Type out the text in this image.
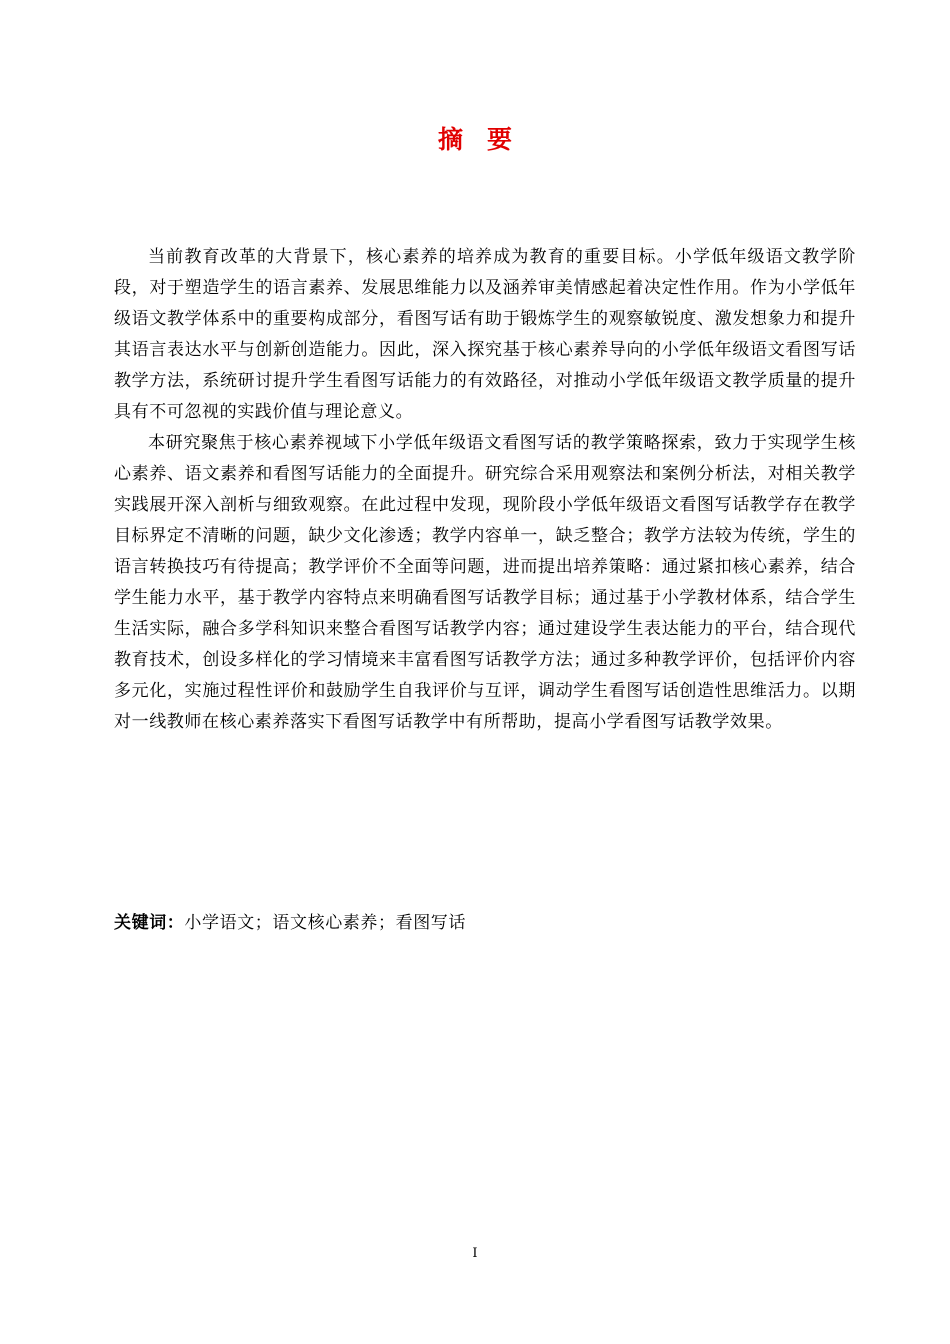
摘要

当前教育改革的大背景下，核心素养的培养成为教育的重要目标。小学低年级语文教学阶段，对于塑造学生的语言素养、发展思维能力以及涵养审美情感起着决定性作用。作为小学低年级语文教学体系中的重要构成部分，看图写话有助于锻炼学生的观察敏锐度、激发想象力和提升其语言表达水平与创新创造能力。因此，深入探究基于核心素养导向的小学低年级语文看图写话教学方法，系统研讨提升学生看图写话能力的有效路径，对推动小学低年级语文教学质量的提升具有不可忽视的实践价值与理论意义。

本研究聚焦于核心素养视域下小学低年级语文看图写话的教学策略探索，致力于实现学生核心素养、语文素养和看图写话能力的全面提升。研究综合采用观察法和案例分析法，对相关教学实践展开深入剖析与细致观察。在此过程中发现，现阶段小学低年级语文看图写话教学存在教学目标界定不清晰的问题，缺少文化渗透；教学内容单一，缺乏整合；教学方法较为传统，学生的语言转换技巧有待提高；教学评价不全面等问题，进而提出培养策略：通过紧扣核心素养，结合学生能力水平，基于教学内容特点来明确看图写话教学目标；通过基于小学教材体系，结合学生生活实际，融合多学科知识来整合看图写话教学内容；通过建设学生表达能力的平台，结合现代教育技术，创设多样化的学习情境来丰富看图写话教学方法；通过多种教学评价，包括评价内容多元化，实施过程性评价和鼓励学生自我评价与互评，调动学生看图写话创造性思维活力。以期对一线教师在核心素养落实下看图写话教学中有所帮助，提高小学看图写话教学效果。

关键词：小学语文；语文核心素养；看图写话
I
